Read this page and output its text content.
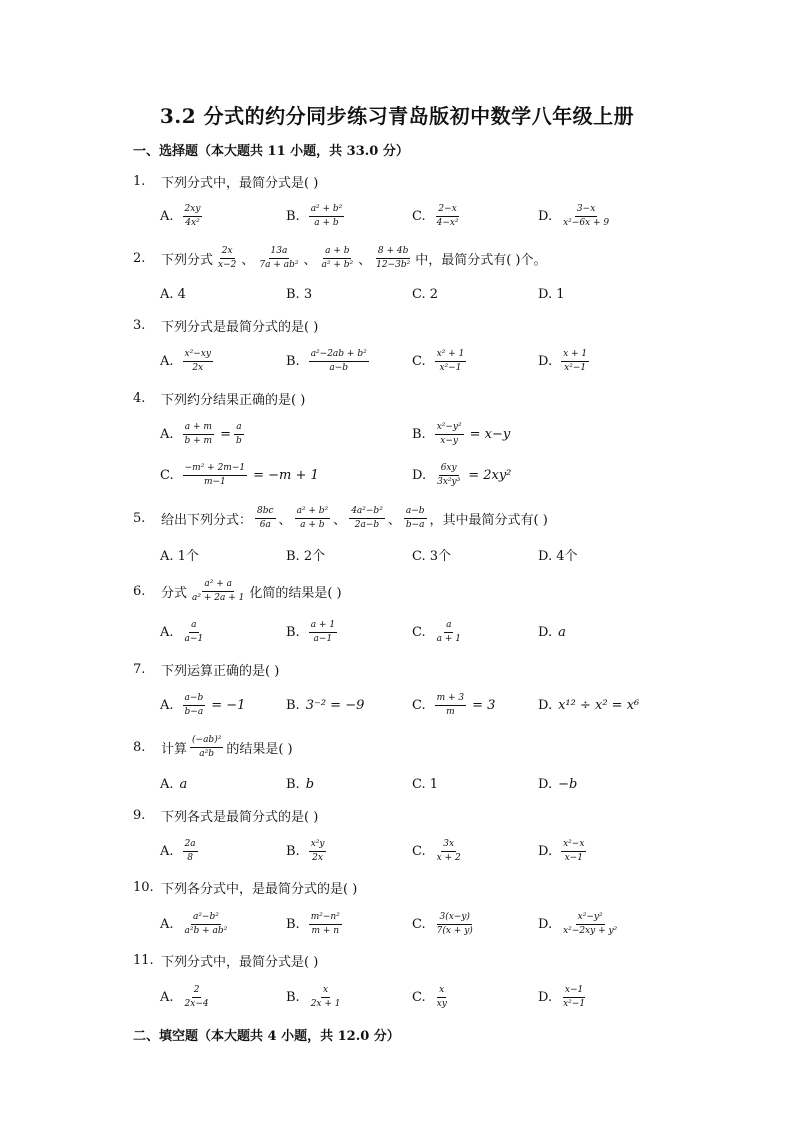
3.2 分式的约分同步练习青岛版初中数学八年级上册
一、选择题（本大题共 11 小题，共 33.0 分）
1.	下列分式中，最简分式是( )
A. $\frac{2xy}{\text{4x²}}$	B. $\frac{\text{a² + b²}}{a + b}$	C. $\frac{2-x}{\text{4−x²}}$	D. $\frac{3-x}{\text{x²−6x + 9}}$
2.	下列分式 $\frac{2x}{x-2}$ 、 $\frac{13a}{\text{7a + ab²}}$ 、 $\frac{a + b}{\text{a² + b²}}$ 、 $\frac{8 + 4b}{\text{12−3b²}}$ 中，最简分式有( )个。
A. 4	B. 3	C. 2	D. 1
3.	下列分式是最简分式的是( )
A. $\frac{\text{x²−xy}}{2x}$	B. $\frac{\text{a²−2ab + b²}}{a-b}$	C. $\frac{\text{x² + 1}}{\text{x²−1}}$	D. $\frac{x + 1}{\text{x²−1}}$
4.	下列约分结果正确的是( )
A. $\frac{a + m}{b + m} = \frac{a}{b}$	B. $\frac{\text{x²−y²}}{x-y} = x-y$
C. $\frac{\text{−m² + 2m−1}}{m-1} = -m + 1$	D. $\frac{6xy}{\text{3x²y³}} = 2xy^2$
5.	给出下列分式： $\frac{8bc}{6a}$ 、 $\frac{\text{a² + b²}}{a + b}$ 、 $\frac{\text{4a²−b²}}{2a-b}$ 、 $\frac{a-b}{b-a}$ ，其中最简分式有( )
A. 1个	B. 2个	C. 3个	D. 4个
6.	分式 $\frac{\text{a² + a}}{\text{a² + 2a + 1}}$ 化简的结果是( )
A. $\frac{a}{a-1}$	B. $\frac{a + 1}{a-1}$	C. $\frac{a}{a + 1}$	D. a
7.	下列运算正确的是( )
A. $\frac{a-b}{b-a} = -1$	B. 3⁻² = −9	C. $\frac{m + 3}{m} = 3$	D. x¹² ÷ x² = x⁶
8.	计算 $\frac{\text{(−ab)²}}{\text{a²b}}$ 的结果是( )
A. a	B. b	C. 1	D. −b
9.	下列各式是最简分式的是( )
A. $\frac{2a}{8}$	B. $\frac{\text{x²y}}{2x}$	C. $\frac{3x}{x + 2}$	D. $\frac{\text{x²−x}}{x-1}$
10. 下列各分式中，是最简分式的是( )
A. $\frac{\text{a²−b²}}{\text{a²b + ab²}}$	B. $\frac{\text{m²−n²}}{m + n}$	C. $\frac{3(x-y)}{7(x + y)}$	D. $\frac{\text{x²−y²}}{\text{x²−2xy + y²}}$
11. 下列分式中，最简分式是( )
A. $\frac{2}{2x-4}$	B. $\frac{x}{2x + 1}$	C. $\frac{x}{xy}$	D. $\frac{x-1}{\text{x²−1}}$
二、填空题（本大题共 4 小题，共 12.0 分）
